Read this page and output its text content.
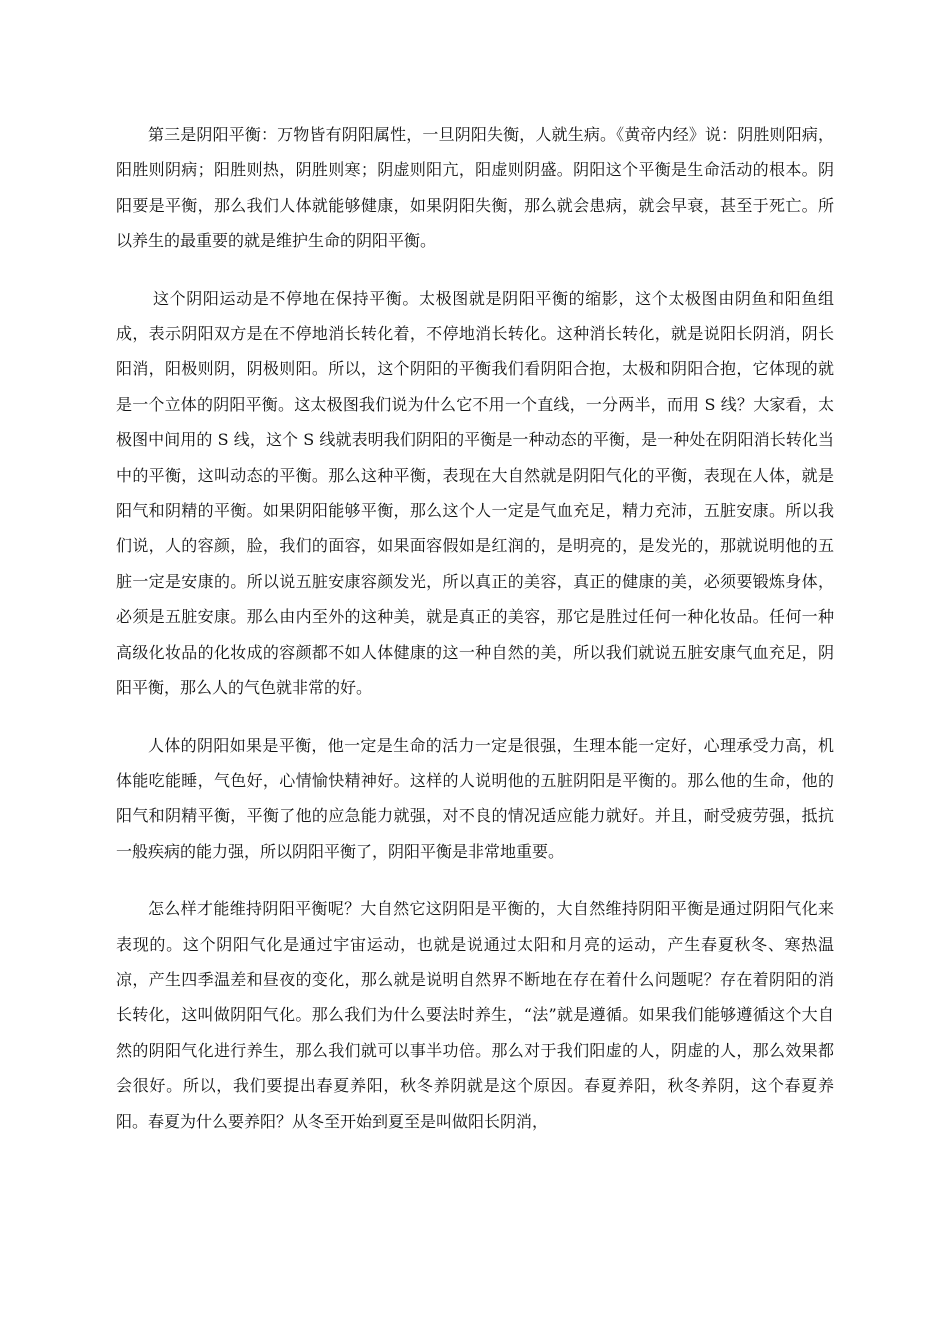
第三是阴阳平衡：万物皆有阴阳属性，一旦阴阳失衡，人就生病。《黄帝内经》说：阴胜则阳病，阳胜则阴病；阳胜则热，阴胜则寒；阴虚则阳亢，阳虚则阴盛。阴阳这个平衡是生命活动的根本。阴阳要是平衡，那么我们人体就能够健康，如果阴阳失衡，那么就会患病，就会早衰，甚至于死亡。所以养生的最重要的就是维护生命的阴阳平衡。

这个阴阳运动是不停地在保持平衡。太极图就是阴阳平衡的缩影，这个太极图由阴鱼和阳鱼组成，表示阴阳双方是在不停地消长转化着，不停地消长转化。这种消长转化，就是说阳长阴消，阴长阳消，阳极则阴，阴极则阳。所以，这个阴阳的平衡我们看阴阳合抱，太极和阴阳合抱，它体现的就是一个立体的阴阳平衡。这太极图我们说为什么它不用一个直线，一分两半，而用 S 线？大家看，太极图中间用的 S 线，这个 S 线就表明我们阴阳的平衡是一种动态的平衡，是一种处在阴阳消长转化当中的平衡，这叫动态的平衡。那么这种平衡，表现在大自然就是阴阳气化的平衡，表现在人体，就是阳气和阴精的平衡。如果阴阳能够平衡，那么这个人一定是气血充足，精力充沛，五脏安康。所以我们说，人的容颜，脸，我们的面容，如果面容假如是红润的，是明亮的，是发光的，那就说明他的五脏一定是安康的。所以说五脏安康容颜发光，所以真正的美容，真正的健康的美，必须要锻炼身体，必须是五脏安康。那么由内至外的这种美，就是真正的美容，那它是胜过任何一种化妆品。任何一种高级化妆品的化妆成的容颜都不如人体健康的这一种自然的美，所以我们就说五脏安康气血充足，阴阳平衡，那么人的气色就非常的好。

人体的阴阳如果是平衡，他一定是生命的活力一定是很强，生理本能一定好，心理承受力高，机体能吃能睡，气色好，心情愉快精神好。这样的人说明他的五脏阴阳是平衡的。那么他的生命，他的阳气和阴精平衡，平衡了他的应急能力就强，对不良的情况适应能力就好。并且，耐受疲劳强，抵抗一般疾病的能力强，所以阴阳平衡了，阴阳平衡是非常地重要。

怎么样才能维持阴阳平衡呢？大自然它这阴阳是平衡的，大自然维持阴阳平衡是通过阴阳气化来表现的。这个阴阳气化是通过宇宙运动，也就是说通过太阳和月亮的运动，产生春夏秋冬、寒热温凉，产生四季温差和昼夜的变化，那么就是说明自然界不断地在存在着什么问题呢？存在着阴阳的消长转化，这叫做阴阳气化。那么我们为什么要法时养生，“法”就是遵循。如果我们能够遵循这个大自然的阴阳气化进行养生，那么我们就可以事半功倍。那么对于我们阳虚的人，阴虚的人，那么效果都会很好。所以，我们要提出春夏养阳，秋冬养阴就是这个原因。春夏养阳，秋冬养阴，这个春夏养阳。春夏为什么要养阳？从冬至开始到夏至是叫做阳长阴消，
